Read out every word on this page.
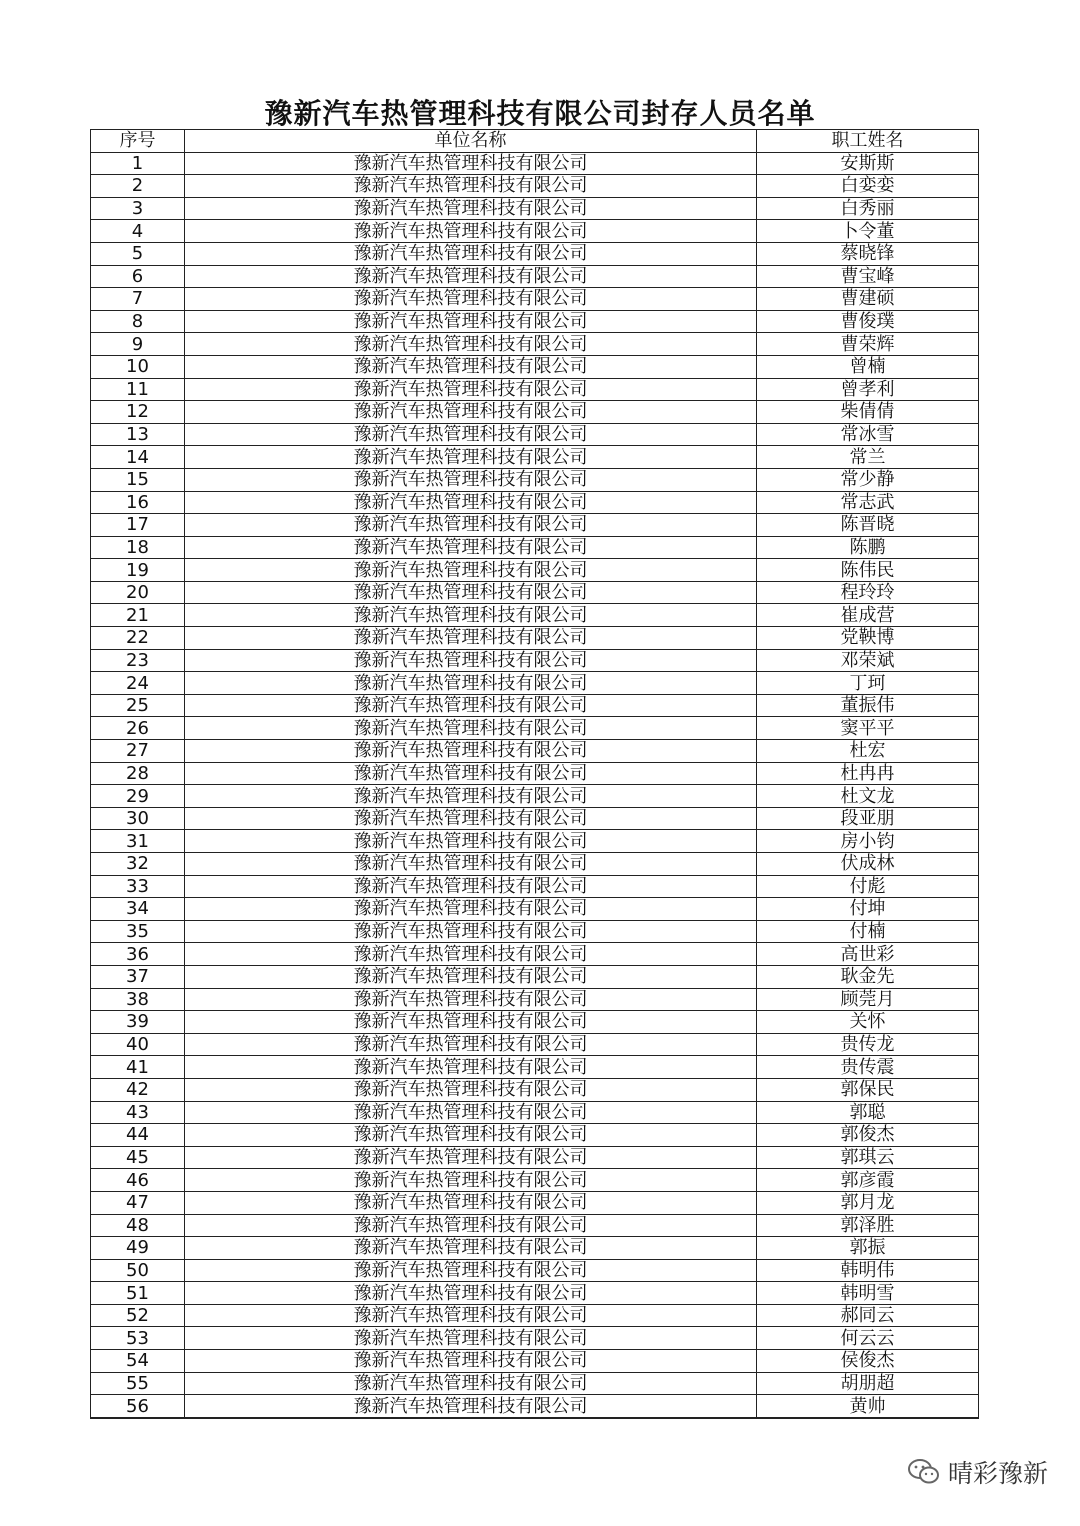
豫新汽车热管理科技有限公司封存人员名单
序号	单位名称	职工姓名
1	豫新汽车热管理科技有限公司	安斯斯
2	豫新汽车热管理科技有限公司	白娈娈
3	豫新汽车热管理科技有限公司	白秀丽
4	豫新汽车热管理科技有限公司	卜令董
5	豫新汽车热管理科技有限公司	蔡晓锋
6	豫新汽车热管理科技有限公司	曹宝峰
7	豫新汽车热管理科技有限公司	曹建硕
8	豫新汽车热管理科技有限公司	曹俊璞
9	豫新汽车热管理科技有限公司	曹荣辉
10	豫新汽车热管理科技有限公司	曾楠
11	豫新汽车热管理科技有限公司	曾孝利
12	豫新汽车热管理科技有限公司	柴倩倩
13	豫新汽车热管理科技有限公司	常冰雪
14	豫新汽车热管理科技有限公司	常兰
15	豫新汽车热管理科技有限公司	常少静
16	豫新汽车热管理科技有限公司	常志武
17	豫新汽车热管理科技有限公司	陈晋晓
18	豫新汽车热管理科技有限公司	陈鹏
19	豫新汽车热管理科技有限公司	陈伟民
20	豫新汽车热管理科技有限公司	程玲玲
21	豫新汽车热管理科技有限公司	崔成营
22	豫新汽车热管理科技有限公司	党鞅博
23	豫新汽车热管理科技有限公司	邓荣斌
24	豫新汽车热管理科技有限公司	丁珂
25	豫新汽车热管理科技有限公司	董振伟
26	豫新汽车热管理科技有限公司	窦平平
27	豫新汽车热管理科技有限公司	杜宏
28	豫新汽车热管理科技有限公司	杜冉冉
29	豫新汽车热管理科技有限公司	杜文龙
30	豫新汽车热管理科技有限公司	段亚朋
31	豫新汽车热管理科技有限公司	房小钧
32	豫新汽车热管理科技有限公司	伏成林
33	豫新汽车热管理科技有限公司	付彪
34	豫新汽车热管理科技有限公司	付坤
35	豫新汽车热管理科技有限公司	付楠
36	豫新汽车热管理科技有限公司	高世彩
37	豫新汽车热管理科技有限公司	耿金先
38	豫新汽车热管理科技有限公司	顾莞月
39	豫新汽车热管理科技有限公司	关怀
40	豫新汽车热管理科技有限公司	贵传龙
41	豫新汽车热管理科技有限公司	贵传震
42	豫新汽车热管理科技有限公司	郭保民
43	豫新汽车热管理科技有限公司	郭聪
44	豫新汽车热管理科技有限公司	郭俊杰
45	豫新汽车热管理科技有限公司	郭琪云
46	豫新汽车热管理科技有限公司	郭彦霞
47	豫新汽车热管理科技有限公司	郭月龙
48	豫新汽车热管理科技有限公司	郭泽胜
49	豫新汽车热管理科技有限公司	郭振
50	豫新汽车热管理科技有限公司	韩明伟
51	豫新汽车热管理科技有限公司	韩明雪
52	豫新汽车热管理科技有限公司	郝同云
53	豫新汽车热管理科技有限公司	何云云
54	豫新汽车热管理科技有限公司	侯俊杰
55	豫新汽车热管理科技有限公司	胡朋超
56	豫新汽车热管理科技有限公司	黄帅
晴彩豫新
